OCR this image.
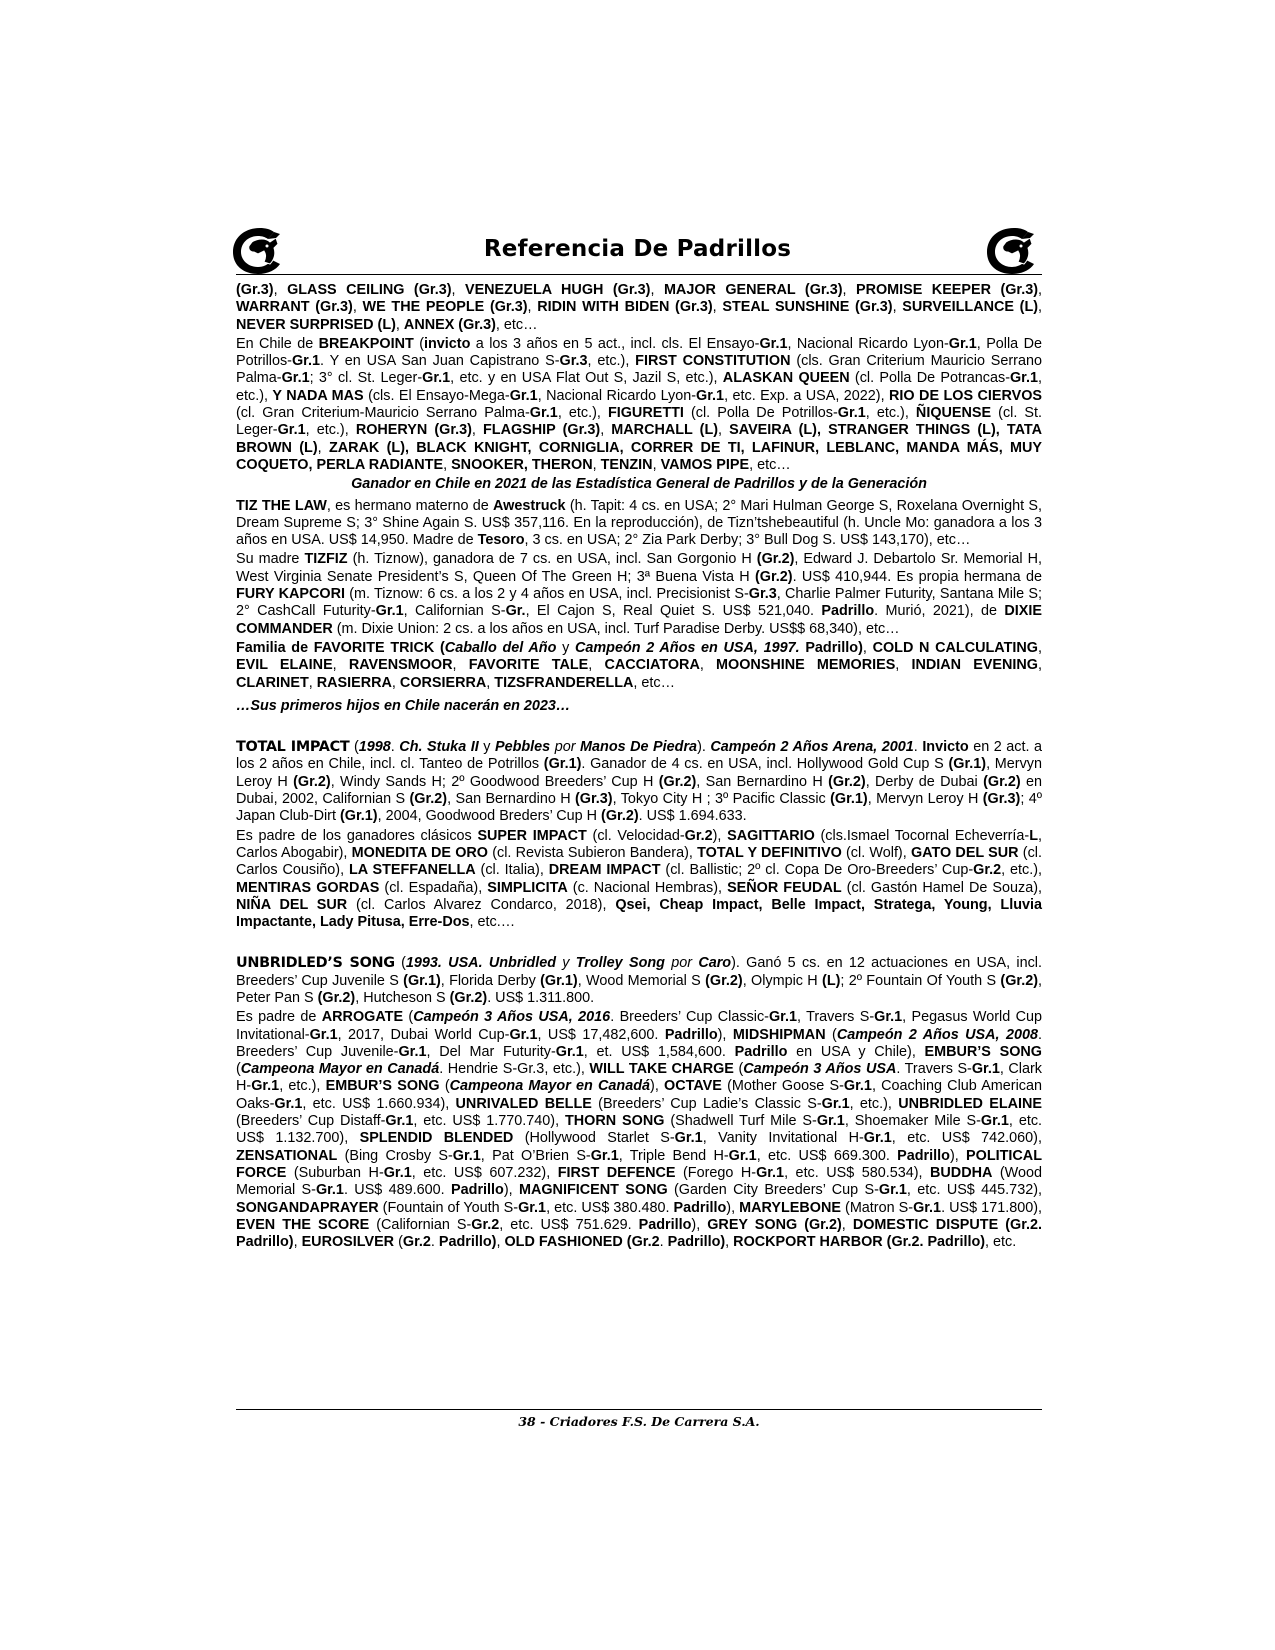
Referencia De Padrillos

(Gr.3), GLASS CEILING (Gr.3), VENEZUELA HUGH (Gr.3), MAJOR GENERAL (Gr.3), PROMISE KEEPER (Gr.3), WARRANT (Gr.3), WE THE PEOPLE (Gr.3), RIDIN WITH BIDEN (Gr.3), STEAL SUNSHINE (Gr.3), SURVEILLANCE (L), NEVER SURPRISED (L), ANNEX (Gr.3), etc…

En Chile de BREAKPOINT (invicto a los 3 años en 5 act., incl. cls. El Ensayo-Gr.1, Nacional Ricardo Lyon-Gr.1, Polla De Potrillos-Gr.1. Y en USA San Juan Capistrano S-Gr.3, etc.), FIRST CONSTITUTION (cls. Gran Criterium Mauricio Serrano Palma-Gr.1; 3° cl. St. Leger-Gr.1, etc. y en USA Flat Out S, Jazil S, etc.), ALASKAN QUEEN (cl. Polla De Potrancas-Gr.1, etc.), Y NADA MAS (cls. El Ensayo-Mega-Gr.1, Nacional Ricardo Lyon-Gr.1, etc. Exp. a USA, 2022), RIO DE LOS CIERVOS (cl. Gran Criterium-Mauricio Serrano Palma-Gr.1, etc.), FIGURETTI (cl. Polla De Potrillos-Gr.1, etc.), ÑIQUENSE (cl. St. Leger-Gr.1, etc.), ROHERYN (Gr.3), FLAGSHIP (Gr.3), MARCHALL (L), SAVEIRA (L), STRANGER THINGS (L), TATA BROWN (L), ZARAK (L), BLACK KNIGHT, CORNIGLIA, CORRER DE TI, LAFINUR, LEBLANC, MANDA MÁS, MUY COQUETO, PERLA RADIANTE, SNOOKER, THERON, TENZIN, VAMOS PIPE, etc…

Ganador en Chile en 2021 de las Estadística General de Padrillos y de la Generación

TIZ THE LAW, es hermano materno de Awestruck (h. Tapit: 4 cs. en USA; 2° Mari Hulman George S, Roxelana Overnight S, Dream Supreme S; 3° Shine Again S. US$ 357,116. En la reproducción), de Tizn’tshebeautiful (h. Uncle Mo: ganadora a los 3 años en USA. US$ 14,950. Madre de Tesoro, 3 cs. en USA; 2° Zia Park Derby; 3° Bull Dog S. US$ 143,170), etc…

Su madre TIZFIZ (h. Tiznow), ganadora de 7 cs. en USA, incl. San Gorgonio H (Gr.2), Edward J. Debartolo Sr. Memorial H, West Virginia Senate President’s S, Queen Of The Green H; 3ª Buena Vista H (Gr.2). US$ 410,944. Es propia hermana de FURY KAPCORI (m. Tiznow: 6 cs. a los 2 y 4 años en USA, incl. Precisionist S-Gr.3, Charlie Palmer Futurity, Santana Mile S; 2° CashCall Futurity-Gr.1, Californian S-Gr., El Cajon S, Real Quiet S. US$ 521,040. Padrillo. Murió, 2021), de DIXIE COMMANDER (m. Dixie Union: 2 cs. a los años en USA, incl. Turf Paradise Derby. US$$ 68,340), etc…

Familia de FAVORITE TRICK (Caballo del Año y Campeón 2 Años en USA, 1997. Padrillo), COLD N CALCULATING, EVIL ELAINE, RAVENSMOOR, FAVORITE TALE, CACCIATORA, MOONSHINE MEMORIES, INDIAN EVENING, CLARINET, RASIERRA, CORSIERRA, TIZSFRANDERELLA, etc…

…Sus primeros hijos en Chile nacerán en 2023…

TOTAL IMPACT (1998. Ch. Stuka II y Pebbles por Manos De Piedra). Campeón 2 Años Arena, 2001. Invicto en 2 act. a los 2 años en Chile, incl. cl. Tanteo de Potrillos (Gr.1). Ganador de 4 cs. en USA, incl. Hollywood Gold Cup S (Gr.1), Mervyn Leroy H (Gr.2), Windy Sands H; 2º Goodwood Breeders’ Cup H (Gr.2), San Bernardino H (Gr.2), Derby de Dubai (Gr.2) en Dubai, 2002, Californian S (Gr.2), San Bernardino H (Gr.3), Tokyo City H ; 3º Pacific Classic (Gr.1), Mervyn Leroy H (Gr.3); 4º Japan Club-Dirt (Gr.1), 2004, Goodwood Breders’ Cup H (Gr.2). US$ 1.694.633.

Es padre de los ganadores clásicos SUPER IMPACT (cl. Velocidad-Gr.2), SAGITTARIO (cls.Ismael Tocornal Echeverría-L, Carlos Abogabir), MONEDITA DE ORO (cl. Revista Subieron Bandera), TOTAL Y DEFINITIVO (cl. Wolf), GATO DEL SUR (cl. Carlos Cousiño), LA STEFFANELLA (cl. Italia), DREAM IMPACT (cl. Ballistic; 2º cl. Copa De Oro-Breeders’ Cup-Gr.2, etc.), MENTIRAS GORDAS (cl. Espadaña), SIMPLICITA (c. Nacional Hembras), SEÑOR FEUDAL (cl. Gastón Hamel De Souza), NIÑA DEL SUR (cl. Carlos Alvarez Condarco, 2018), Qsei, Cheap Impact, Belle Impact, Stratega, Young, Lluvia Impactante, Lady Pitusa, Erre-Dos, etc.…

UNBRIDLED’S SONG (1993. USA. Unbridled y Trolley Song por Caro). Ganó 5 cs. en 12 actuaciones en USA, incl. Breeders’ Cup Juvenile S (Gr.1), Florida Derby (Gr.1), Wood Memorial S (Gr.2), Olympic H (L); 2º Fountain Of Youth S (Gr.2), Peter Pan S (Gr.2), Hutcheson S (Gr.2). US$ 1.311.800.

Es padre de ARROGATE (Campeón 3 Años USA, 2016. Breeders’ Cup Classic-Gr.1, Travers S-Gr.1, Pegasus World Cup Invitational-Gr.1, 2017, Dubai World Cup-Gr.1, US$ 17,482,600. Padrillo), MIDSHIPMAN (Campeón 2 Años USA, 2008. Breeders’ Cup Juvenile-Gr.1, Del Mar Futurity-Gr.1, et. US$ 1,584,600. Padrillo en USA y Chile), EMBUR’S SONG (Campeona Mayor en Canadá. Hendrie S-Gr.3, etc.), WILL TAKE CHARGE (Campeón 3 Años USA. Travers S-Gr.1, Clark H-Gr.1, etc.), EMBUR’S SONG (Campeona Mayor en Canadá), OCTAVE (Mother Goose S-Gr.1, Coaching Club American Oaks-Gr.1, etc. US$ 1.660.934), UNRIVALED BELLE (Breeders’ Cup Ladie’s Classic S-Gr.1, etc.), UNBRIDLED ELAINE (Breeders’ Cup Distaff-Gr.1, etc. US$ 1.770.740), THORN SONG (Shadwell Turf Mile S-Gr.1, Shoemaker Mile S-Gr.1, etc. US$ 1.132.700), SPLENDID BLENDED (Hollywood Starlet S-Gr.1, Vanity Invitational H-Gr.1, etc. US$ 742.060), ZENSATIONAL (Bing Crosby S-Gr.1, Pat O’Brien S-Gr.1, Triple Bend H-Gr.1, etc. US$ 669.300. Padrillo), POLITICAL FORCE (Suburban H-Gr.1, etc. US$ 607.232), FIRST DEFENCE (Forego H-Gr.1, etc. US$ 580.534), BUDDHA (Wood Memorial S-Gr.1. US$ 489.600. Padrillo), MAGNIFICENT SONG (Garden City Breeders’ Cup S-Gr.1, etc. US$ 445.732), SONGANDAPRAYER (Fountain of Youth S-Gr.1, etc. US$ 380.480. Padrillo), MARYLEBONE (Matron S-Gr.1. US$ 171.800), EVEN THE SCORE (Californian S-Gr.2, etc. US$ 751.629. Padrillo), GREY SONG (Gr.2), DOMESTIC DISPUTE (Gr.2. Padrillo), EUROSILVER (Gr.2. Padrillo), OLD FASHIONED (Gr.2. Padrillo), ROCKPORT HARBOR (Gr.2. Padrillo), etc.

38 - Criadores F.S. De Carrera S.A.
